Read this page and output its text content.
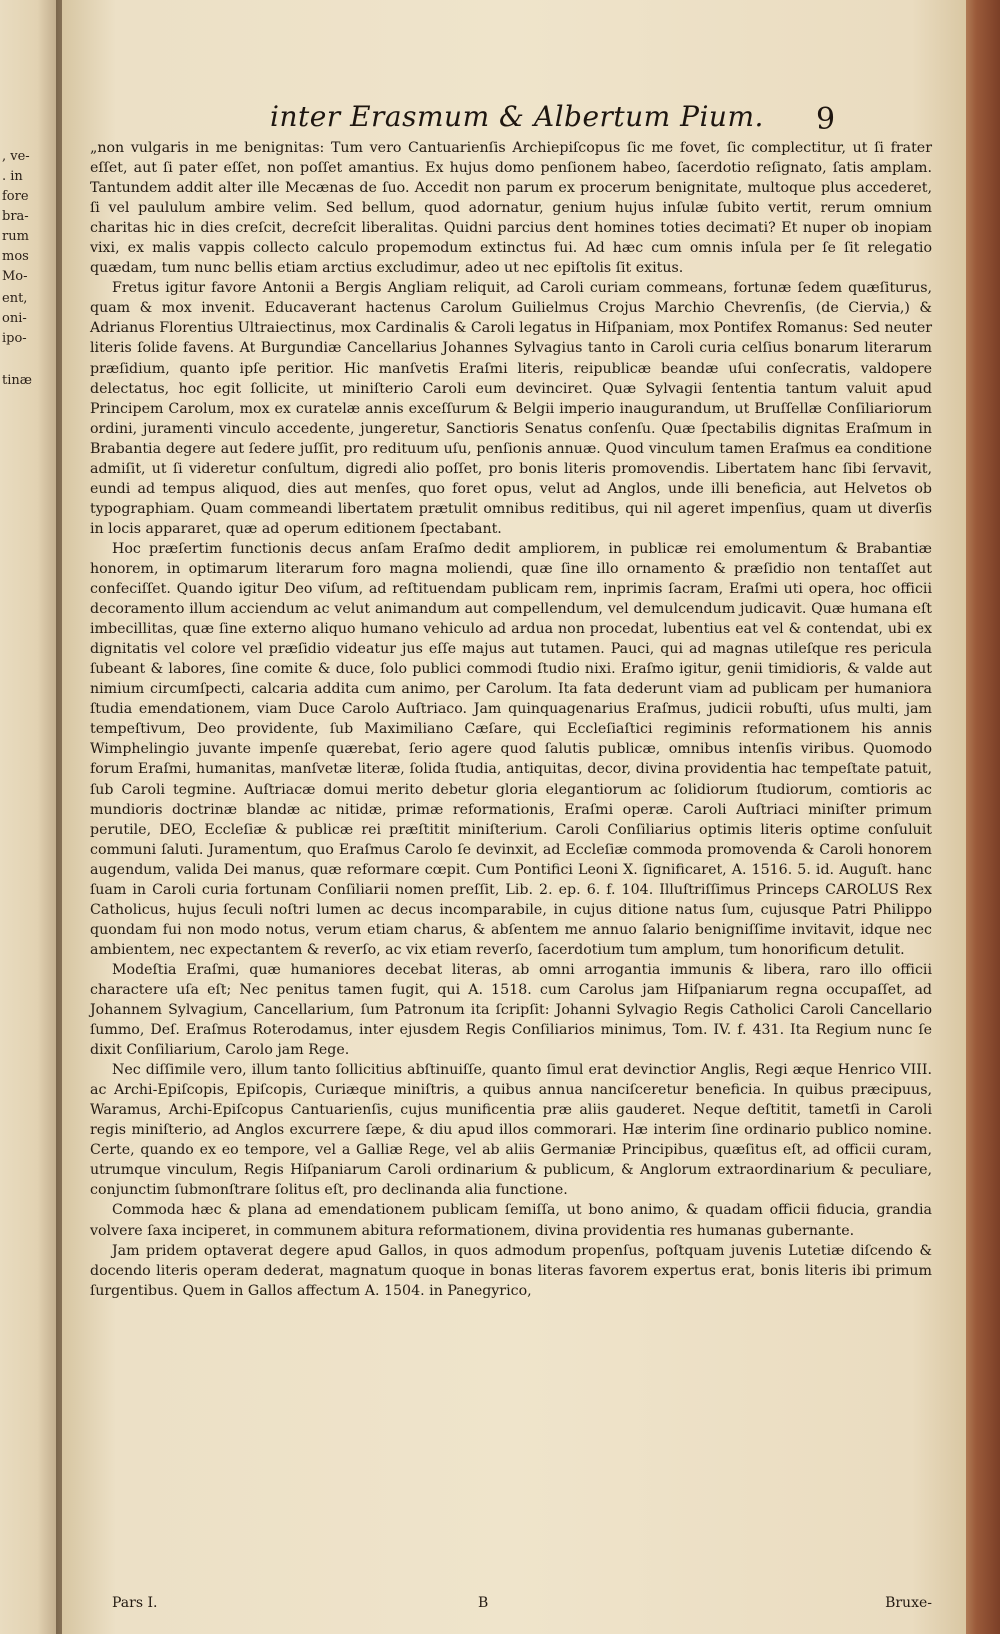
, ve-
. in
fore
bra-
rum
mos
Mo-
ent,
oni-
ipo-
tinæ
inter Erasmum & Albertum Pium.	9

„non vulgaris in me benignitas: Tum vero Cantuarienſis Archiepiſcopus ſic me fovet, ſic complectitur, ut ſi frater eſſet, aut ſi pater eſſet, non poſſet amantius. Ex hujus domo penſionem habeo, ſacerdotio reſignato, ſatis amplam. Tantundem addit alter ille Mecænas de ſuo. Accedit non parum ex procerum benignitate, multoque plus accederet, ſi vel paululum ambire velim. Sed bellum, quod adornatur, genium hujus inſulæ ſubito vertit, rerum omnium charitas hic in dies creſcit, decreſcit liberalitas. Quidni parcius dent homines toties decimati? Et nuper ob inopiam vixi, ex malis vappis collecto calculo propemodum extinctus fui. Ad hæc cum omnis inſula per ſe ſit relegatio quædam, tum nunc bellis etiam arctius excludimur, adeo ut nec epiſtolis ſit exitus.

Fretus igitur favore Antonii a Bergis Angliam reliquit, ad Caroli curiam commeans, fortunæ ſedem quæſiturus, quam & mox invenit. Educaverant hactenus Carolum Guilielmus Crojus Marchio Chevrenſis, (de Ciervia,) & Adrianus Florentius Ultraiectinus, mox Cardinalis & Caroli legatus in Hiſpaniam, mox Pontifex Romanus: Sed neuter literis ſolide favens. At Burgundiæ Cancellarius Johannes Sylvagius tanto in Caroli curia celſius bonarum literarum præſidium, quanto ipſe peritior. Hic manſvetis Eraſmi literis, reipublicæ beandæ uſui conſecratis, valdopere delectatus, hoc egit ſollicite, ut miniſterio Caroli eum devinciret. Quæ Sylvagii ſententia tantum valuit apud Principem Carolum, mox ex curatelæ annis exceſſurum & Belgii imperio inaugurandum, ut Bruſſellæ Conſiliariorum ordini, juramenti vinculo accedente, jungeretur, Sanctioris Senatus conſenſu. Quæ ſpectabilis dignitas Eraſmum in Brabantia degere aut ſedere juſſit, pro redituum uſu, penſionis annuæ. Quod vinculum tamen Eraſmus ea conditione admiſit, ut ſi videretur conſultum, digredi alio poſſet, pro bonis literis promovendis. Libertatem hanc ſibi ſervavit, eundi ad tempus aliquod, dies aut menſes, quo foret opus, velut ad Anglos, unde illi beneficia, aut Helvetos ob typographiam. Quam commeandi libertatem prætulit omnibus reditibus, qui nil ageret impenſius, quam ut diverſis in locis appararet, quæ ad operum editionem ſpectabant.

Hoc præſertim functionis decus anſam Eraſmo dedit ampliorem, in publicæ rei emolumentum & Brabantiæ honorem, in optimarum literarum foro magna moliendi, quæ ſine illo ornamento & præſidio non tentaſſet aut confeciſſet. Quando igitur Deo viſum, ad reſtituendam publicam rem, inprimis ſacram, Eraſmi uti opera, hoc officii decoramento illum acciendum ac velut animandum aut compellendum, vel demulcendum judicavit. Quæ humana eſt imbecillitas, quæ ſine externo aliquo humano vehiculo ad ardua non procedat, lubentius eat vel & contendat, ubi ex dignitatis vel colore vel præſidio videatur jus eſſe majus aut tutamen. Pauci, qui ad magnas utileſque res pericula ſubeant & labores, ſine comite & duce, ſolo publici commodi ſtudio nixi. Eraſmo igitur, genii timidioris, & valde aut nimium circumſpecti, calcaria addita cum animo, per Carolum. Ita fata dederunt viam ad publicam per humaniora ſtudia emendationem, viam Duce Carolo Auſtriaco. Jam quinquagenarius Eraſmus, judicii robuſti, uſus multi, jam tempeſtivum, Deo providente, ſub Maximiliano Cæſare, qui Eccleſiaſtici regiminis reformationem his annis Wimphelingio juvante impenſe quærebat, ſerio agere quod ſalutis publicæ, omnibus intenſis viribus. Quomodo forum Eraſmi, humanitas, manſvetæ literæ, ſolida ſtudia, antiquitas, decor, divina providentia hac tempeſtate patuit, ſub Caroli tegmine. Auſtriacæ domui merito debetur gloria elegantiorum ac ſolidiorum ſtudiorum, comtioris ac mundioris doctrinæ blandæ ac nitidæ, primæ reformationis, Eraſmi operæ. Caroli Auſtriaci miniſter primum perutile, DEO, Eccleſiæ & publicæ rei præſtitit miniſterium. Caroli Conſiliarius optimis literis optime conſuluit communi ſaluti. Juramentum, quo Eraſmus Carolo ſe devinxit, ad Eccleſiæ commoda promovenda & Caroli honorem augendum, valida Dei manus, quæ reformare cœpit. Cum Pontifici Leoni X. ſignificaret, A. 1516. 5. id. Auguſt. hanc ſuam in Caroli curia fortunam Conſiliarii nomen preſſit, Lib. 2. ep. 6. f. 104. Illuſtriſſimus Princeps CAROLUS Rex Catholicus, hujus ſeculi noſtri lumen ac decus incomparabile, in cujus ditione natus ſum, cujusque Patri Philippo quondam fui non modo notus, verum etiam charus, & abſentem me annuo ſalario benigniſſime invitavit, idque nec ambientem, nec expectantem & reverſo, ac vix etiam reverſo, ſacerdotium tum amplum, tum honorificum detulit.

Modeſtia Eraſmi, quæ humaniores decebat literas, ab omni arrogantia immunis & libera, raro illo officii charactere uſa eſt; Nec penitus tamen fugit, qui A. 1518. cum Carolus jam Hiſpaniarum regna occupaſſet, ad Johannem Sylvagium, Cancellarium, ſum Patronum ita ſcripſit: Johanni Sylvagio Regis Catholici Caroli Cancellario ſummo, Deſ. Eraſmus Roterodamus, inter ejusdem Regis Conſiliarios minimus, Tom. IV. f. 431. Ita Regium nunc ſe dixit Conſiliarium, Carolo jam Rege.

Nec diſſimile vero, illum tanto ſollicitius abſtinuiſſe, quanto ſimul erat devinctior Anglis, Regi æque Henrico VIII. ac Archi-Epiſcopis, Epiſcopis, Curiæque miniſtris, a quibus annua nanciſceretur beneficia. In quibus præcipuus, Waramus, Archi-Epiſcopus Cantuarienſis, cujus munificentia præ aliis gauderet. Neque deſtitit, tametſi in Caroli regis miniſterio, ad Anglos excurrere ſæpe, & diu apud illos commorari. Hæ interim ſine ordinario publico nomine. Certe, quando ex eo tempore, vel a Galliæ Rege, vel ab aliis Germaniæ Principibus, quæſitus eſt, ad officii curam, utrumque vinculum, Regis Hiſpaniarum Caroli ordinarium & publicum, & Anglorum extraordinarium & peculiare, conjunctim ſubmonſtrare ſolitus eſt, pro declinanda alia functione.

Commoda hæc & plana ad emendationem publicam ſemiſſa, ut bono animo, & quadam officii fiducia, grandia volvere ſaxa inciperet, in communem abitura reformationem, divina providentia res humanas gubernante.

Jam pridem optaverat degere apud Gallos, in quos admodum propenſus, poſtquam juvenis Lutetiæ diſcendo & docendo literis operam dederat, magnatum quoque in bonas literas favorem expertus erat, bonis literis ibi primum ſurgentibus. Quem in Gallos affectum A. 1504. in Panegyrico,

Pars I.	B	Bruxe-
